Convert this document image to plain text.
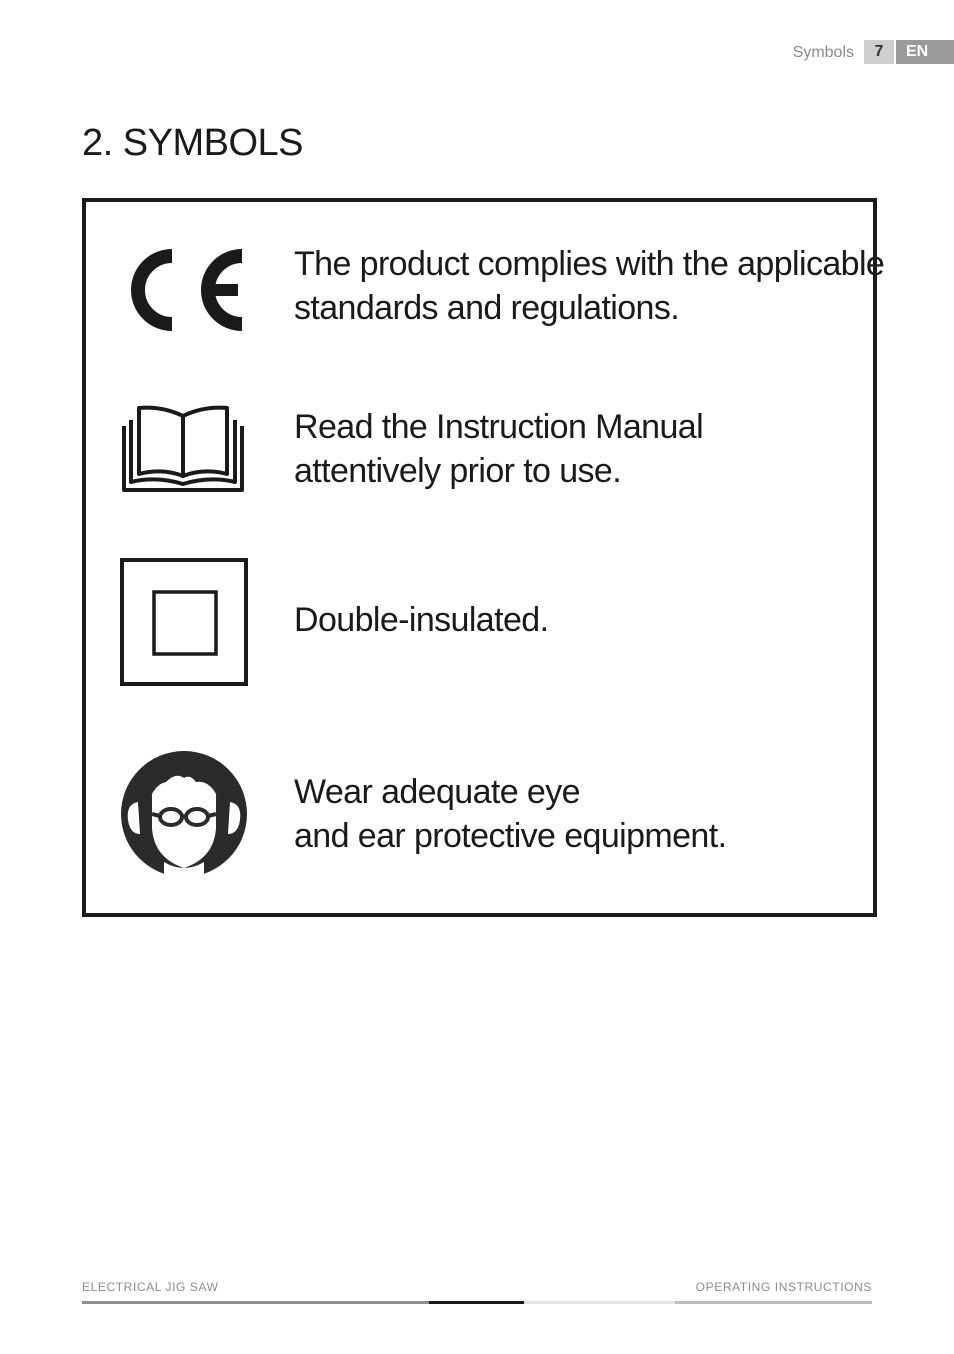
Symbols	7	EN
2. SYMBOLS
The product complies with the applicable
standards and regulations.
Read the Instruction Manual
attentively prior to use.
Double-insulated.
Wear adequate eye
and ear protective equipment.
ELECTRICAL JIG SAW	OPERATING INSTRUCTIONS
